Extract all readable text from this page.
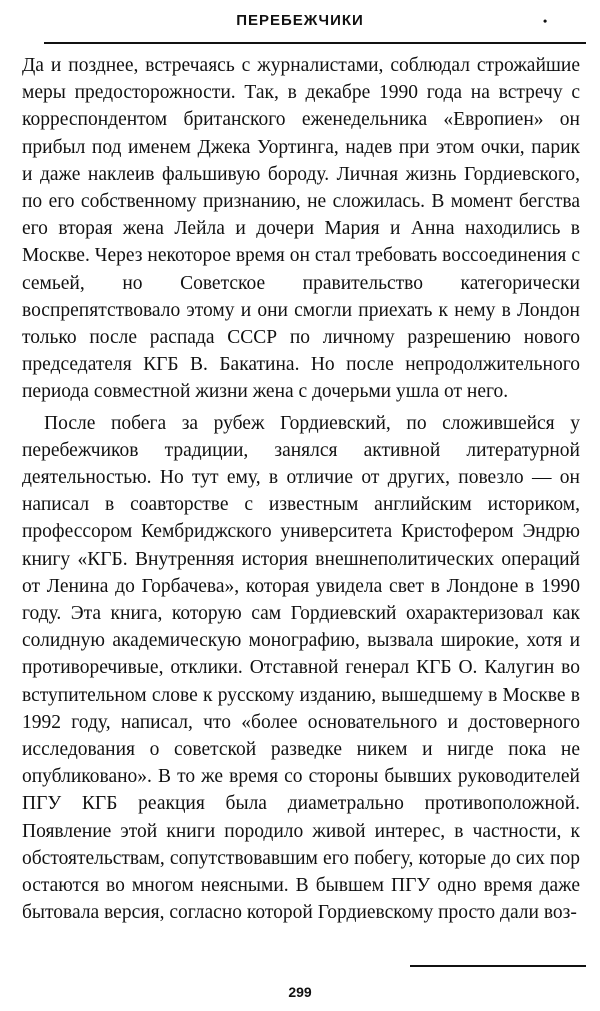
ПЕРЕБЕЖЧИКИ	•

Да и позднее, встречаясь с журналистами, соблюдал строжайшие меры предосторожности. Так, в декабре 1990 года на встречу с корреспондентом британского еженедельника «Европиен» он прибыл под именем Джека Уортинга, надев при этом очки, парик и даже наклеив фальшивую бороду. Личная жизнь Гордиевского, по его собственному признанию, не сложилась. В момент бегства его вторая жена Лейла и дочери Мария и Анна находились в Москве. Через некоторое время он стал требовать воссоединения с семьей, но Советское правительство категорически воспрепятствовало этому и они смогли приехать к нему в Лондон только после распада СССР по личному разрешению нового председателя КГБ В. Бакатина. Но после непродолжительного периода совместной жизни жена с дочерьми ушла от него.

После побега за рубеж Гордиевский, по сложившейся у перебежчиков традиции, занялся активной литературной деятельностью. Но тут ему, в отличие от других, повезло — он написал в соавторстве с известным английским историком, профессором Кембриджского университета Кристофером Эндрю книгу «КГБ. Внутренняя история внешнеполитических операций от Ленина до Горбачева», которая увидела свет в Лондоне в 1990 году. Эта книга, которую сам Гордиевский охарактеризовал как солидную академическую монографию, вызвала широкие, хотя и противоречивые, отклики. Отставной генерал КГБ О. Калугин во вступительном слове к русскому изданию, вышедшему в Москве в 1992 году, написал, что «более основательного и достоверного исследования о советской разведке никем и нигде пока не опубликовано». В то же время со стороны бывших руководителей ПГУ КГБ реакция была диаметрально противоположной. Появление этой книги породило живой интерес, в частности, к обстоятельствам, сопутствовавшим его побегу, которые до сих пор остаются во многом неясными. В бывшем ПГУ одно время даже бытовала версия, согласно которой Гордиевскому просто дали воз-

299
